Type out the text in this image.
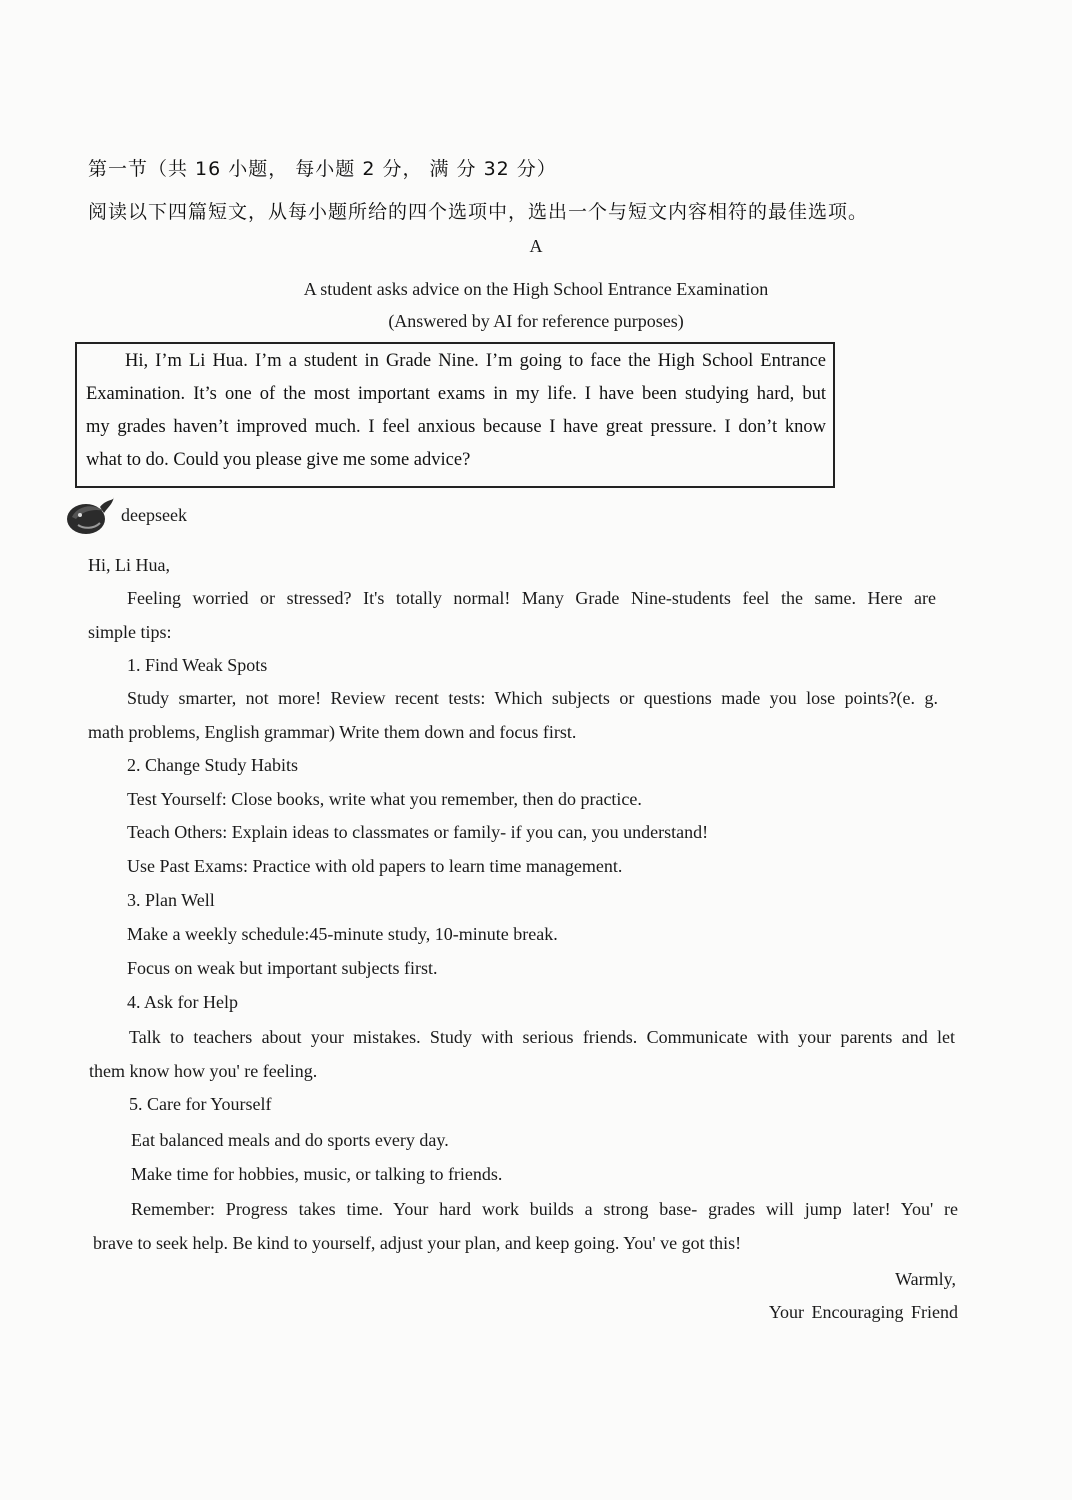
第一节（共 16 小题， 每小题 2 分， 满 分 32 分）
阅读以下四篇短文，从每小题所给的四个选项中，选出一个与短文内容相符的最佳选项。
A
A student asks advice on the High School Entrance Examination
(Answered by AI for reference purposes)
Hi, I’m Li Hua. I’m a student in Grade Nine. I’m going to face the High School Entrance
Examination. It’s one of the most important exams in my life. I have been studying hard, but
my grades haven’t improved much. I feel anxious because I have great pressure. I don’t know
what to do. Could you please give me some advice?
deepseek
Hi, Li Hua,
Feeling worried or stressed? It's totally normal! Many Grade Nine-students feel the same. Here are
simple tips:
1. Find Weak Spots
Study smarter, not more! Review recent tests: Which subjects or questions made you lose points?(e. g.
math problems, English grammar) Write them down and focus first.
2. Change Study Habits
Test Yourself: Close books, write what you remember, then do practice.
Teach Others: Explain ideas to classmates or family- if you can, you understand!
Use Past Exams: Practice with old papers to learn time management.
3. Plan Well
Make a weekly schedule:45-minute study, 10-minute break.
Focus on weak but important subjects first.
4. Ask for Help
Talk to teachers about your mistakes. Study with serious friends. Communicate with your parents and let
them know how you' re feeling.
5. Care for Yourself
Eat balanced meals and do sports every day.
Make time for hobbies, music, or talking to friends.
Remember: Progress takes time. Your hard work builds a strong base- grades will jump later! You' re
brave to seek help. Be kind to yourself, adjust your plan, and keep going. You' ve got this!
Warmly,
Your Encouraging Friend
